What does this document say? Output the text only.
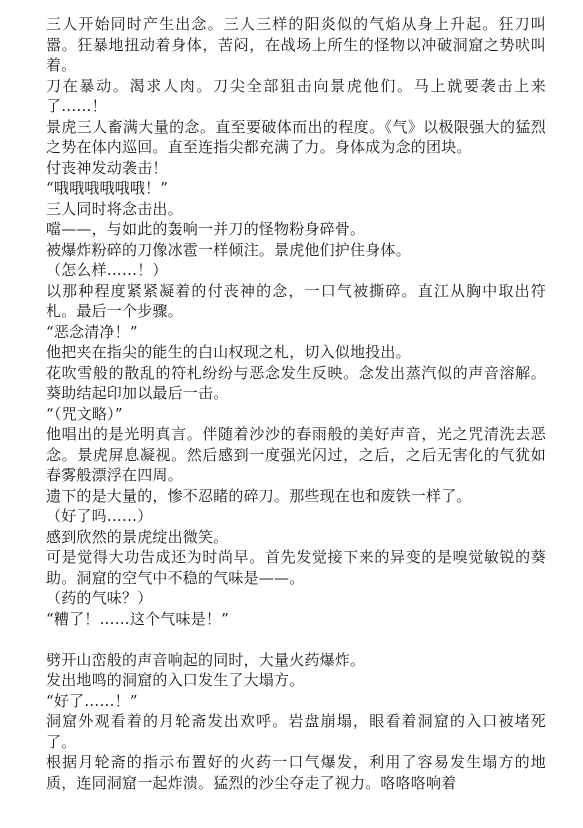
三人开始同时产生出念。三人三样的阳炎似的气焰从身上升起。狂刀叫嚣。狂暴地扭动着身体，苦闷，在战场上所生的怪物以冲破洞窟之势吠叫着。

刀在暴动。渴求人肉。刀尖全部狙击向景虎他们。马上就要袭击上来了……！

景虎三人畜满大量的念。直至要破体而出的程度。《气》以极限强大的猛烈之势在体内巡回。直至连指尖都充满了力。身体成为念的团块。

付丧神发动袭击！

“哦哦哦哦哦哦！”

三人同时将念击出。

噹——，与如此的轰响一并刀的怪物粉身碎骨。

被爆炸粉碎的刀像冰雹一样倾注。景虎他们护住身体。

（怎么样……！）

以那种程度紧紧凝着的付丧神的念，一口气被撕碎。直江从胸中取出符札。最后一个步骤。

“恶念清净！”

他把夹在指尖的能生的白山权现之札，切入似地投出。

花吹雪般的散乱的符札纷纷与恶念发生反映。念发出蒸汽似的声音溶解。葵助结起印加以最后一击。

“（咒文略）”

他唱出的是光明真言。伴随着沙沙的春雨般的美好声音，光之咒清洗去恶念。景虎屏息凝视。然后感到一度强光闪过，之后，之后无害化的气犹如春雾般漂浮在四周。

遗下的是大量的，惨不忍睹的碎刀。那些现在也和废铁一样了。

（好了吗……）

感到欣然的景虎绽出微笑。

可是觉得大功告成还为时尚早。首先发觉接下来的异变的是嗅觉敏锐的葵助。洞窟的空气中不稳的气味是——。

（药的气味？）

“糟了！……这个气味是！”

劈开山峦般的声音响起的同时，大量火药爆炸。

发出地鸣的洞窟的入口发生了大塌方。

“好了……！”

洞窟外观看着的月轮斋发出欢呼。岩盘崩塌，眼看着洞窟的入口被堵死了。

根据月轮斋的指示布置好的火药一口气爆发，利用了容易发生塌方的地质，连同洞窟一起炸溃。猛烈的沙尘夺走了视力。咯咯咯响着
